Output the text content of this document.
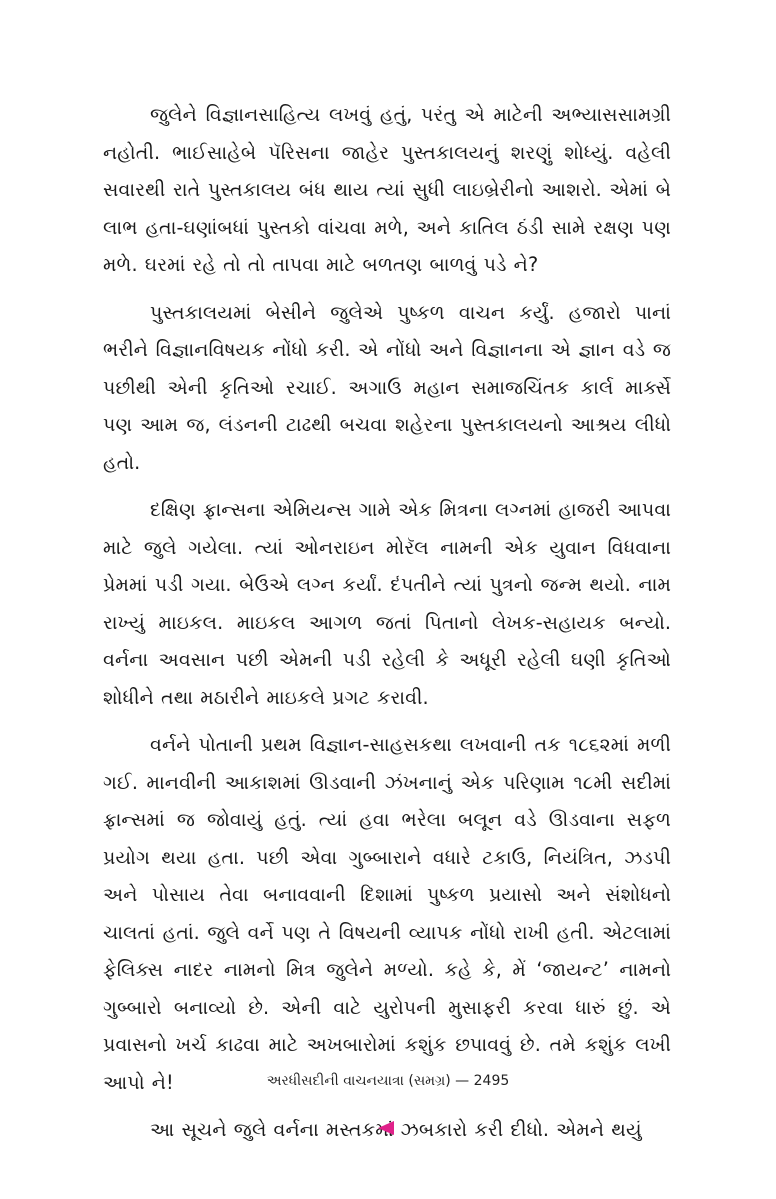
જુલેને વિજ્ઞાનસાહિત્ય લખવું હતું, પરંતુ એ માટેની અભ્યાસસામગ્રી નહોતી. ભાઈસાહેબે પૅરિસના જાહેર પુસ્તકાલયનું શરણું શોધ્યું. વહેલી સવારથી રાતે પુસ્તકાલય બંધ થાય ત્યાં સુધી લાઇબ્રેરીનો આશરો. એમાં બે લાભ હતા-ઘણાંબધાં પુસ્તકો વાંચવા મળે, અને કાતિલ ઠંડી સામે રક્ષણ પણ મળે. ઘરમાં રહે તો તો તાપવા માટે બળતણ બાળવું પડે ને?

પુસ્તકાલયમાં બેસીને જુલેએ પુષ્કળ વાચન કર્યું. હજારો પાનાં ભરીને વિજ્ઞાનવિષયક નોંધો કરી. એ નોંધો અને વિજ્ઞાનના એ જ્ઞાન વડે જ પછીથી એની કૃતિઓ રચાઈ. અગાઉ મહાન સમાજચિંતક કાર્લ માર્ક્સે પણ આમ જ, લંડનની ટાઢથી બચવા શહેરના પુસ્તકાલયનો આશ્રય લીધો હતો.

દક્ષિણ ફ્રાન્સના એમિયન્સ ગામે એક મિત્રના લગ્નમાં હાજરી આપવા માટે જુલે ગયેલા. ત્યાં ઓનરાઇન મોરૅલ નામની એક યુવાન વિધવાના પ્રેમમાં પડી ગયા. બેઉએ લગ્ન કર્યાં. દંપતીને ત્યાં પુત્રનો જન્મ થયો. નામ રાખ્યું માઇકલ. માઇકલ આગળ જતાં પિતાનો લેખક-સહાયક બન્યો. વર્નના અવસાન પછી એમની પડી રહેલી કે અધૂરી રહેલી ઘણી કૃતિઓ શોધીને તથા મઠારીને માઇકલે પ્રગટ કરાવી.

વર્નને પોતાની પ્રથમ વિજ્ઞાન-સાહસકથા લખવાની તક ૧૮૬૨માં મળી ગઈ. માનવીની આકાશમાં ઊડવાની ઝંખનાનું એક પરિણામ ૧૮મી સદીમાં ફ્રાન્સમાં જ જોવાયું હતું. ત્યાં હવા ભરેલા બલૂન વડે ઊડવાના સફળ પ્રયોગ થયા હતા. પછી એવા ગુબ્બારાને વધારે ટકાઉ, નિયંત્રિત, ઝડપી અને પોસાય તેવા બનાવવાની દિશામાં પુષ્કળ પ્રયાસો અને સંશોધનો ચાલતાં હતાં. જુલે વર્ને પણ તે વિષયની વ્યાપક નોંધો રાખી હતી. એટલામાં ફેલિક્સ નાદર નામનો મિત્ર જુલેને મળ્યો. કહે કે, મેં ‘જાયન્ટ’ નામનો ગુબ્બારો બનાવ્યો છે. એની વાટે યુરોપની મુસાફરી કરવા ધારું છું. એ પ્રવાસનો ખર્ચ કાઢવા માટે અખબારોમાં કશુંક છપાવવું છે. તમે કશુંક લખી આપો ને!

આ સૂચને જુલે વર્નના મસ્તકમાં ઝબકારો કરી દીધો. એમને થયું

અરધીસદીની વાચનયાત્રા (સમગ્ર) — 2495
